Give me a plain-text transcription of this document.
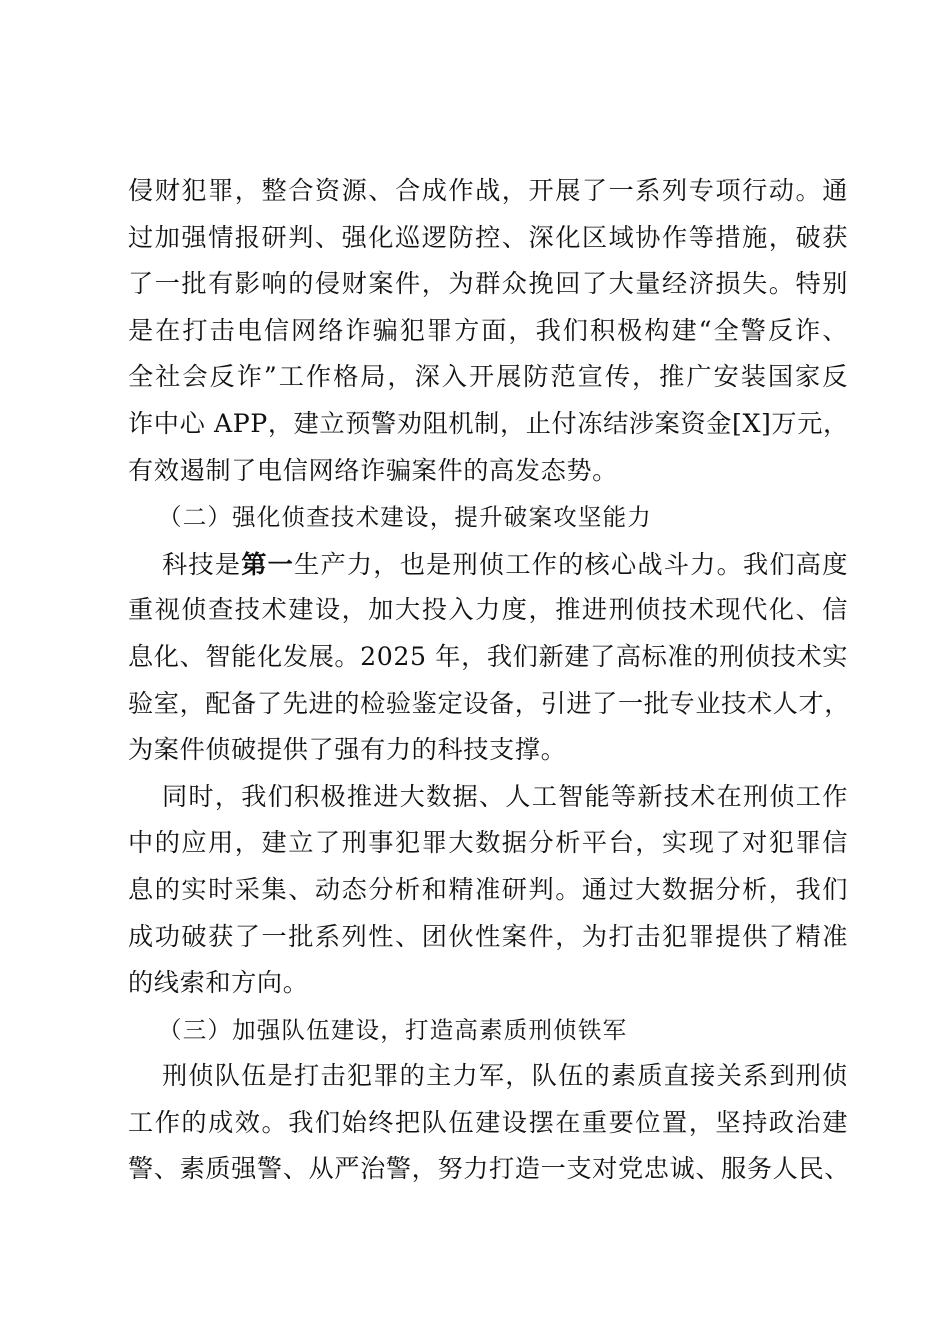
侵财犯罪，整合资源、合成作战，开展了一系列专项行动。通
过加强情报研判、强化巡逻防控、深化区域协作等措施，破获
了一批有影响的侵财案件，为群众挽回了大量经济损失。特别
是在打击电信网络诈骗犯罪方面，我们积极构建“全警反诈、
全社会反诈”工作格局，深入开展防范宣传，推广安装国家反
诈中心 APP，建立预警劝阻机制，止付冻结涉案资金[X]万元，
有效遏制了电信网络诈骗案件的高发态势。
（二）强化侦查技术建设，提升破案攻坚能力
科技是第一生产力，也是刑侦工作的核心战斗力。我们高度
重视侦查技术建设，加大投入力度，推进刑侦技术现代化、信
息化、智能化发展。2025 年，我们新建了高标准的刑侦技术实
验室，配备了先进的检验鉴定设备，引进了一批专业技术人才，
为案件侦破提供了强有力的科技支撑。
同时，我们积极推进大数据、人工智能等新技术在刑侦工作
中的应用，建立了刑事犯罪大数据分析平台，实现了对犯罪信
息的实时采集、动态分析和精准研判。通过大数据分析，我们
成功破获了一批系列性、团伙性案件，为打击犯罪提供了精准
的线索和方向。
（三）加强队伍建设，打造高素质刑侦铁军
刑侦队伍是打击犯罪的主力军，队伍的素质直接关系到刑侦
工作的成效。我们始终把队伍建设摆在重要位置，坚持政治建
警、素质强警、从严治警，努力打造一支对党忠诚、服务人民、
